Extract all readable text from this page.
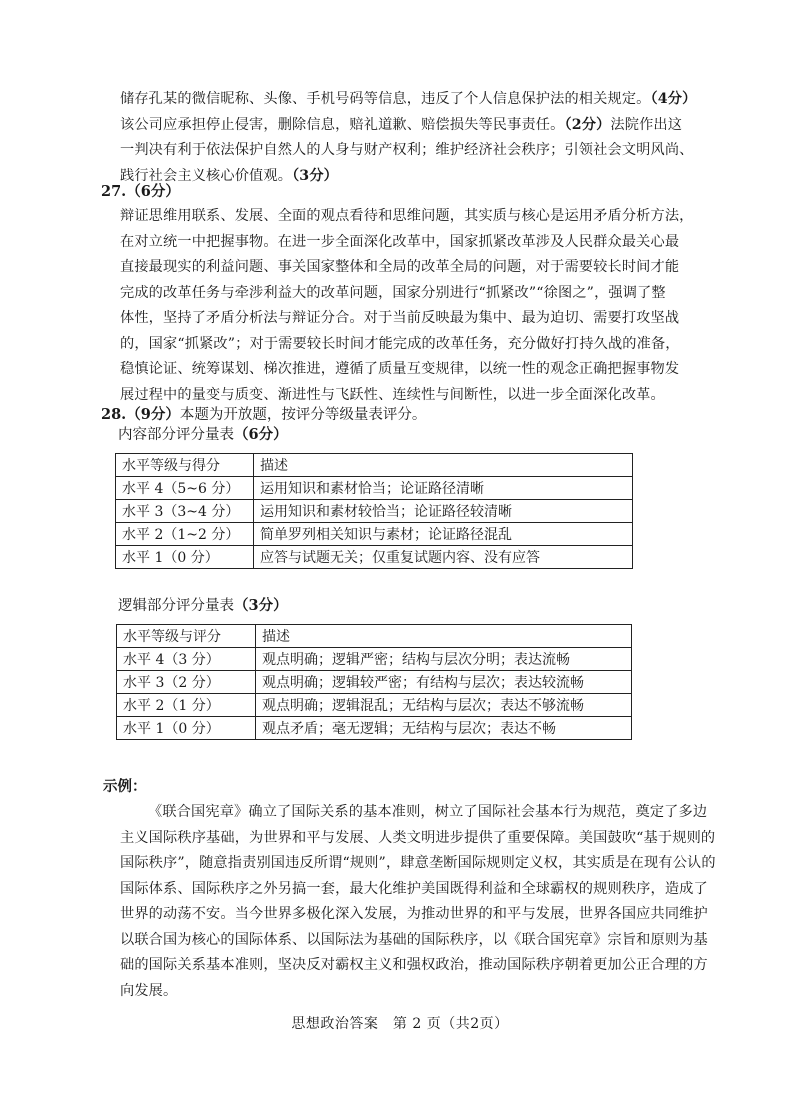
储存孔某的微信昵称、头像、手机号码等信息，违反了个人信息保护法的相关规定。（4分）
该公司应承担停止侵害，删除信息，赔礼道歉、赔偿损失等民事责任。（2分）法院作出这
一判决有利于依法保护自然人的人身与财产权利；维护经济社会秩序；引领社会文明风尚、
践行社会主义核心价值观。（3分）
27.（6分）
辩证思维用联系、发展、全面的观点看待和思维问题，其实质与核心是运用矛盾分析方法，
在对立统一中把握事物。在进一步全面深化改革中，国家抓紧改革涉及人民群众最关心最
直接最现实的利益问题、事关国家整体和全局的改革全局的问题，对于需要较长时间才能
完成的改革任务与牵涉利益大的改革问题，国家分别进行“抓紧改”“徐图之”，强调了整
体性，坚持了矛盾分析法与辩证分合。对于当前反映最为集中、最为迫切、需要打攻坚战
的，国家“抓紧改”；对于需要较长时间才能完成的改革任务，充分做好打持久战的准备，
稳慎论证、统筹谋划、梯次推进，遵循了质量互变规律，以统一性的观念正确把握事物发
展过程中的量变与质变、渐进性与飞跃性、连续性与间断性，以进一步全面深化改革。
28.（9分）本题为开放题，按评分等级量表评分。
内容部分评分量表（6分）
水平等级与得分	描述
水平 4（5~6 分）	运用知识和素材恰当；论证路径清晰
水平 3（3~4 分）	运用知识和素材较恰当；论证路径较清晰
水平 2（1~2 分）	简单罗列相关知识与素材；论证路径混乱
水平 1（0 分）	应答与试题无关；仅重复试题内容、没有应答
逻辑部分评分量表（3分）
水平等级与评分	描述
水平 4（3 分）	观点明确；逻辑严密；结构与层次分明；表达流畅
水平 3（2 分）	观点明确；逻辑较严密；有结构与层次；表达较流畅
水平 2（1 分）	观点明确；逻辑混乱；无结构与层次；表达不够流畅
水平 1（0 分）	观点矛盾；毫无逻辑；无结构与层次；表达不畅
示例：
《联合国宪章》确立了国际关系的基本准则，树立了国际社会基本行为规范，奠定了多边
主义国际秩序基础，为世界和平与发展、人类文明进步提供了重要保障。美国鼓吹“基于规则的
国际秩序”，随意指责别国违反所谓“规则”，肆意垄断国际规则定义权，其实质是在现有公认的
国际体系、国际秩序之外另搞一套，最大化维护美国既得利益和全球霸权的规则秩序，造成了
世界的动荡不安。当今世界多极化深入发展，为推动世界的和平与发展，世界各国应共同维护
以联合国为核心的国际体系、以国际法为基础的国际秩序，以《联合国宪章》宗旨和原则为基
础的国际关系基本准则，坚决反对霸权主义和强权政治，推动国际秩序朝着更加公正合理的方
向发展。
思想政治答案　第 2 页（共2页）
